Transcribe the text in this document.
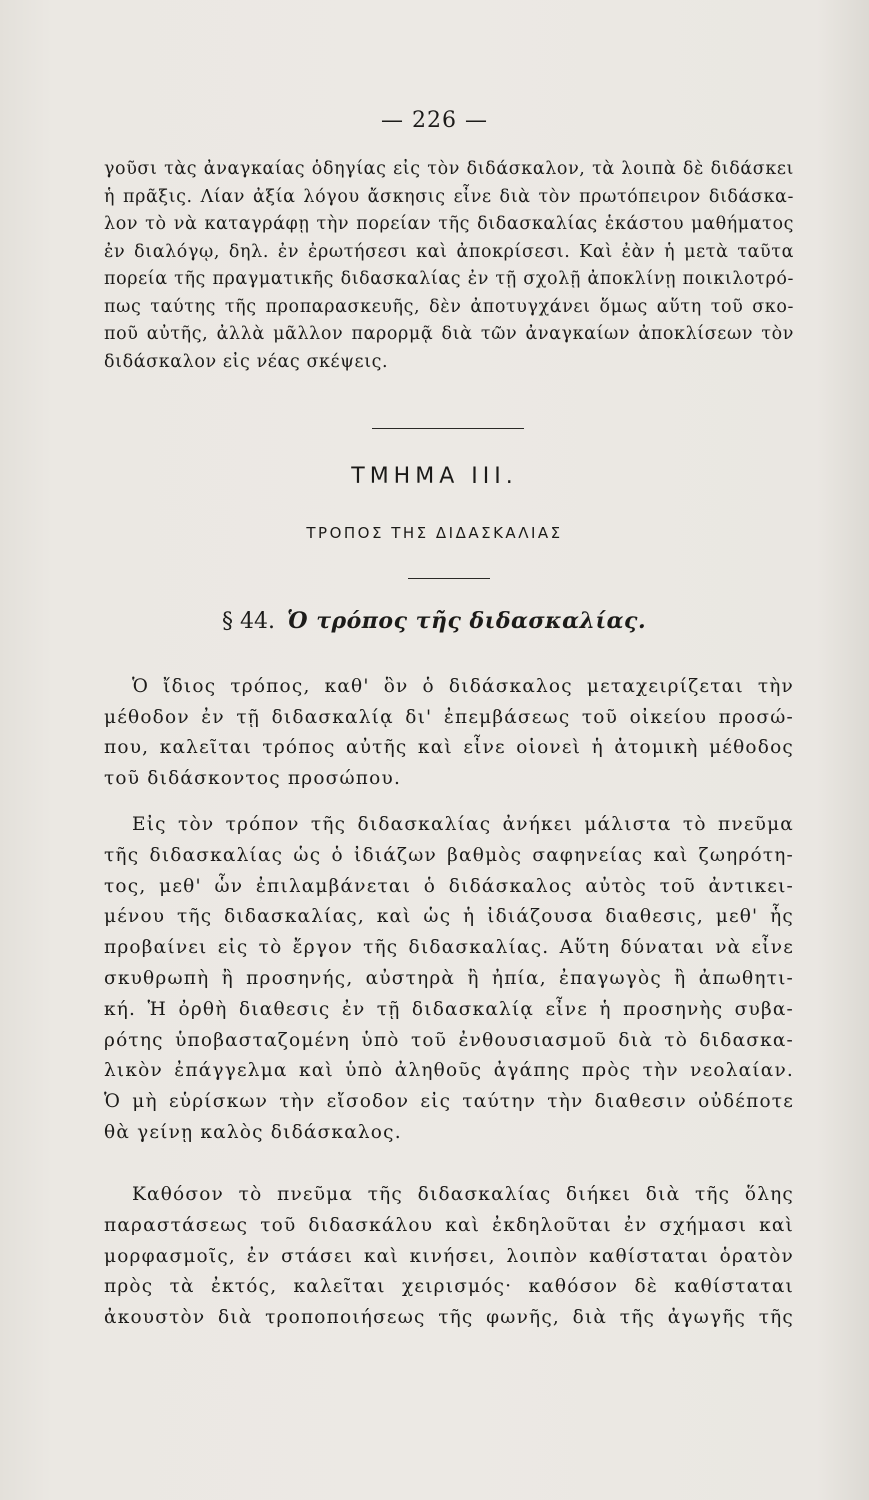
— 226 —
γοῦσι τὰς ἀναγκαίας ὁδηγίας εἰς τὸν διδάσκαλον, τὰ λοιπὰ δὲ διδάσκει
ἡ πρᾶξις. Λίαν ἀξία λόγου ἄσκησις εἶνε διὰ τὸν πρωτόπειρον διδάσκα-
λον τὸ νὰ καταγράφῃ τὴν πορείαν τῆς διδασκαλίας ἑκάστου μαθήματος
ἐν διαλόγῳ, δηλ. ἐν ἐρωτήσεσι καὶ ἀποκρίσεσι. Καὶ ἐὰν ἡ μετὰ ταῦτα
πορεία τῆς πραγματικῆς διδασκαλίας ἐν τῇ σχολῇ ἀποκλίνῃ ποικιλοτρό-
πως ταύτης τῆς προπαρασκευῆς, δὲν ἀποτυγχάνει ὅμως αὕτη τοῦ σκο-
ποῦ αὐτῆς, ἀλλὰ μᾶλλον παρορμᾷ διὰ τῶν ἀναγκαίων ἀποκλίσεων τὸν
διδάσκαλον εἰς νέας σκέψεις.
ΤΜΗΜΑ III.
ΤΡΟΠΟΣ ΤΗΣ ΔΙΔΑΣΚΑΛΙΑΣ
§ 44. Ὁ τρόπος τῆς διδασκαλίας.
Ὁ ἴδιος τρόπος, καθ' ὃν ὁ διδάσκαλος μεταχειρίζεται τὴν
μέθοδον ἐν τῇ διδασκαλίᾳ δι' ἐπεμβάσεως τοῦ οἰκείου προσώ-
που, καλεῖται τρόπος αὐτῆς καὶ εἶνε οἱονεὶ ἡ ἀτομικὴ μέθοδος
τοῦ διδάσκοντος προσώπου.
Εἰς τὸν τρόπον τῆς διδασκαλίας ἀνήκει μάλιστα τὸ πνεῦμα
τῆς διδασκαλίας ὡς ὁ ἰδιάζων βαθμὸς σαφηνείας καὶ ζωηρότη-
τος, μεθ' ὧν ἐπιλαμβάνεται ὁ διδάσκαλος αὐτὸς τοῦ ἀντικει-
μένου τῆς διδασκαλίας, καὶ ὡς ἡ ἰδιάζουσα διαθεσις, μεθ' ἧς
προβαίνει εἰς τὸ ἔργον τῆς διδασκαλίας. Αὕτη δύναται νὰ εἶνε
σκυθρωπὴ ἢ προσηνής, αὐστηρὰ ἢ ἠπία, ἐπαγωγὸς ἢ ἀπωθητι-
κή. Ἡ ὀρθὴ διαθεσις ἐν τῇ διδασκαλίᾳ εἶνε ἡ προσηνὴς συβα-
ρότης ὑποβασταζομένη ὑπὸ τοῦ ἐνθουσιασμοῦ διὰ τὸ διδασκα-
λικὸν ἐπάγγελμα καὶ ὑπὸ ἀληθοῦς ἀγάπης πρὸς τὴν νεολαίαν.
Ὁ μὴ εὑρίσκων τὴν εἴσοδον εἰς ταύτην τὴν διαθεσιν οὐδέποτε
θὰ γείνῃ καλὸς διδάσκαλος.
Καθόσον τὸ πνεῦμα τῆς διδασκαλίας διήκει διὰ τῆς ὅλης
παραστάσεως τοῦ διδασκάλου καὶ ἐκδηλοῦται ἐν σχήμασι καὶ
μορφασμοῖς, ἐν στάσει καὶ κινήσει, λοιπὸν καθίσταται ὁρατὸν
πρὸς τὰ ἐκτός, καλεῖται χειρισμός· καθόσον δὲ καθίσταται
ἀκουστὸν διὰ τροποποιήσεως τῆς φωνῆς, διὰ τῆς ἀγωγῆς τῆς
